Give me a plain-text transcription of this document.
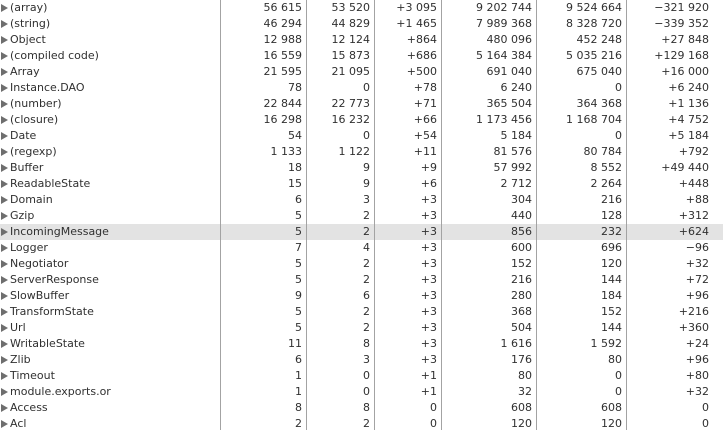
(array)	56 615	53 520	+3 095	9 202 744	9 524 664	−321 920
(string)	46 294	44 829	+1 465	7 989 368	8 328 720	−339 352
Object	12 988	12 124	+864	480 096	452 248	+27 848
(compiled code)	16 559	15 873	+686	5 164 384	5 035 216	+129 168
Array	21 595	21 095	+500	691 040	675 040	+16 000
Instance.DAO	78	0	+78	6 240	0	+6 240
(number)	22 844	22 773	+71	365 504	364 368	+1 136
(closure)	16 298	16 232	+66	1 173 456	1 168 704	+4 752
Date	54	0	+54	5 184	0	+5 184
(regexp)	1 133	1 122	+11	81 576	80 784	+792
Buffer	18	9	+9	57 992	8 552	+49 440
ReadableState	15	9	+6	2 712	2 264	+448
Domain	6	3	+3	304	216	+88
Gzip	5	2	+3	440	128	+312
IncomingMessage	5	2	+3	856	232	+624
Logger	7	4	+3	600	696	−96
Negotiator	5	2	+3	152	120	+32
ServerResponse	5	2	+3	216	144	+72
SlowBuffer	9	6	+3	280	184	+96
TransformState	5	2	+3	368	152	+216
Url	5	2	+3	504	144	+360
WritableState	11	8	+3	1 616	1 592	+24
Zlib	6	3	+3	176	80	+96
Timeout	1	0	+1	80	0	+80
module.exports.or	1	0	+1	32	0	+32
Access	8	8	0	608	608	0
Acl	2	2	0	120	120	0
